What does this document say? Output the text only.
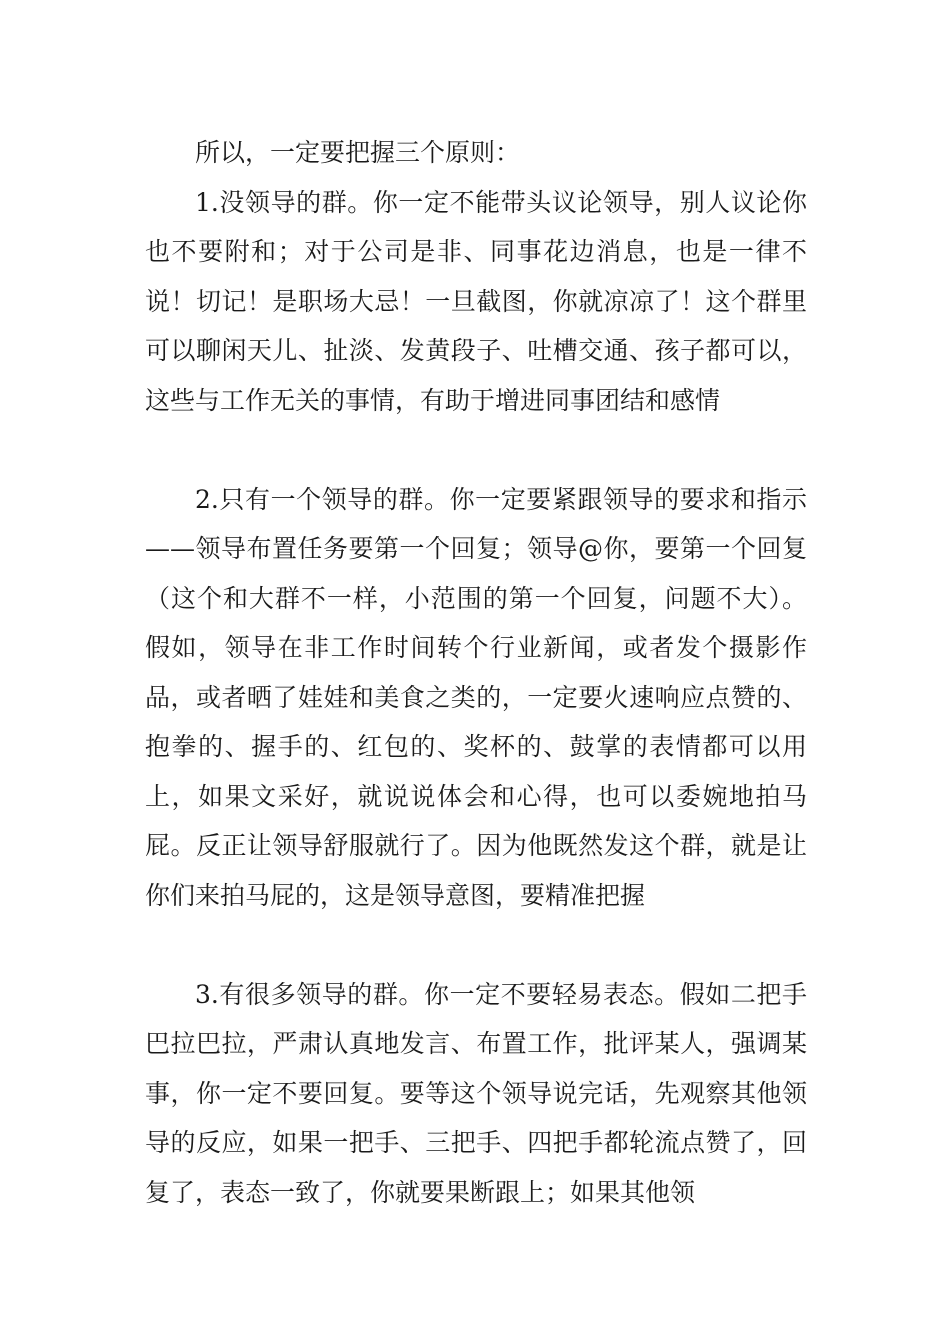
所以，一定要把握三个原则：

1.没领导的群。你一定不能带头议论领导，别人议论你也不要附和；对于公司是非、同事花边消息，也是一律不说！切记！是职场大忌！一旦截图，你就凉凉了！这个群里可以聊闲天儿、扯淡、发黄段子、吐槽交通、孩子都可以，这些与工作无关的事情，有助于增进同事团结和感情

2.只有一个领导的群。你一定要紧跟领导的要求和指示——领导布置任务要第一个回复；领导@你，要第一个回复（这个和大群不一样，小范围的第一个回复，问题不大）。假如，领导在非工作时间转个行业新闻，或者发个摄影作品，或者晒了娃娃和美食之类的，一定要火速响应点赞的、抱拳的、握手的、红包的、奖杯的、鼓掌的表情都可以用上，如果文采好，就说说体会和心得，也可以委婉地拍马屁。反正让领导舒服就行了。因为他既然发这个群，就是让你们来拍马屁的，这是领导意图，要精准把握

3.有很多领导的群。你一定不要轻易表态。假如二把手巴拉巴拉，严肃认真地发言、布置工作，批评某人，强调某事，你一定不要回复。要等这个领导说完话，先观察其他领导的反应，如果一把手、三把手、四把手都轮流点赞了，回复了，表态一致了，你就要果断跟上；如果其他领
